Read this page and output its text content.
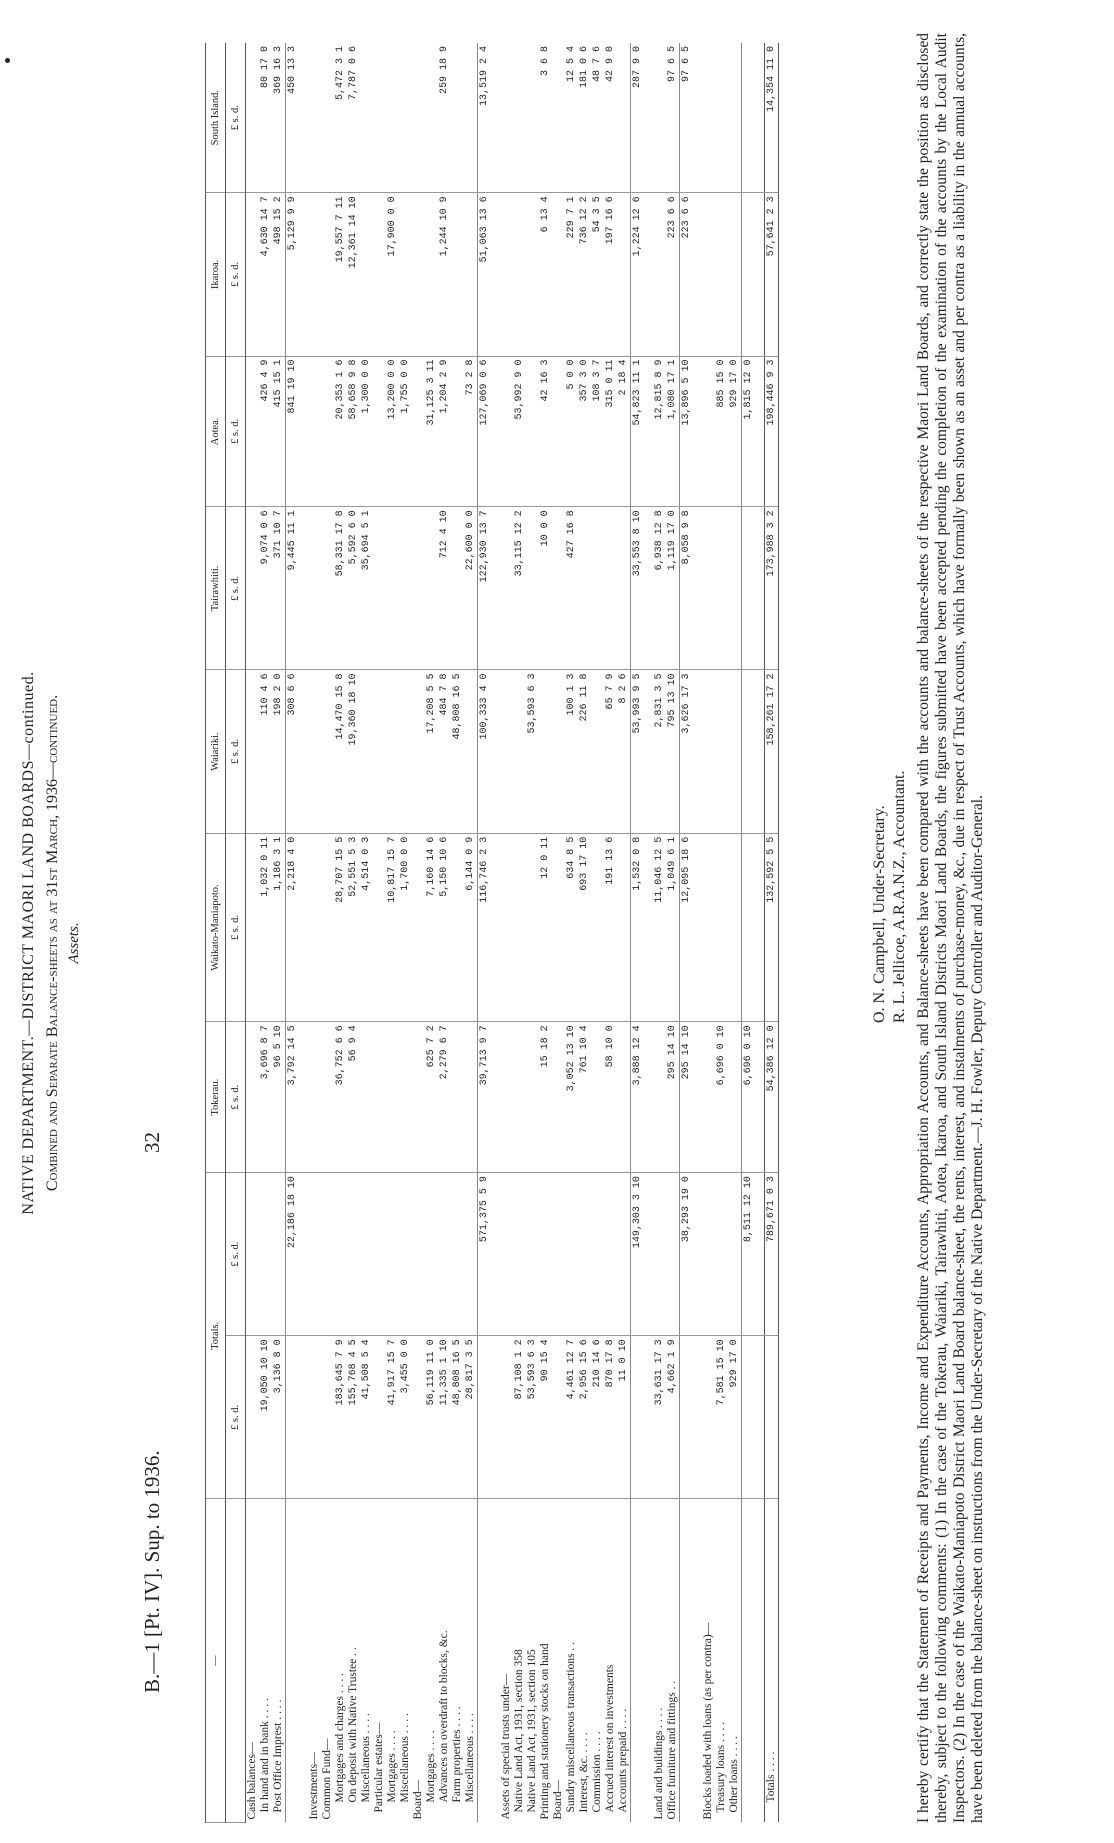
NATIVE DEPARTMENT.—DISTRICT MAORI LAND BOARDS—continued. Combined and Separate Balance-sheets as at 31st March, 1936—continued. Assets.
B.—1 [Pt. IV]. Sup. to 1936.
32
—	Totals.		Tokerau.	Waikato-Maniapoto.	Waiariki.	Tairawhiti.	Aotea.	Ikaroa.	South Island.
	£ s. d.	£ s. d.	£ s. d.	£ s. d.	£ s. d.	£ s. d.	£ s. d.	£ s. d.	£ s. d.
Cash balances—									
In hand and in bank . . . .	19,050 10 10		3,696 8 7	1,032 0 11	110 4 6	9,074 0 6	426 4 9	4,630 14 7	80 17 0
Post Office Imprest . . . .	3,136 8 0		96 5 10	1,186 3 1	198 2 0	371 10 7	415 15 1	498 15 2	369 16 3
		22,186 18 10	3,792 14 5	2,218 4 0	308 6 6	9,445 11 1	841 19 10	5,129 9 9	450 13 3

Investments—									
Common Fund—									
Mortgages and charges . . . .	183,645 7 9		36,752 6 6	28,707 15 5	14,470 15 8	58,331 17 8	20,353 1 6	19,557 7 11	5,472 3 1
On deposit with Native Trustee . .	155,768 4 5		56 9 4	52,551 5 3	19,360 18 10	5,592 6 0	58,658 9 8	12,361 14 10	7,787 0 6
Miscellaneous . . . .	41,508 5 4			4,514 0 3		35,694 5 1	1,300 0 0		
Particular estates—									
Mortgages . . . .	41,917 15 7			10,817 15 7			13,200 0 0	17,900 0 0	
Miscellaneous . . . .	3,455 0 0			1,700 0 0			1,755 0 0		
Board—									
Mortgages . . . .	56,119 11 0		625 7 2	7,160 14 6	17,208 5 5		31,125 3 11		
Advances on overdraft to blocks, &c.	11,335 1 10		2,279 6 7	5,150 10 6	484 7 8	712 4 10	1,204 2 9	1,244 10 9	259 18 9
Farm properties . . . .	48,808 16 5				48,808 16 5				
Miscellaneous . . . .	28,817 3 5			6,144 0 9		22,600 0 0	73 2 8		
		571,375 5 9	39,713 9 7	116,746 2 3	100,333 4 0	122,930 13 7	127,069 0 6	51,063 13 6	13,519 2 4

Assets of special trusts under—									
Native Land Act, 1931, section 358	87,108 1 2					33,115 12 2	53,992 9 0		
Native Land Act, 1931, section 105	53,593 6 3				53,593 6 3				
Printing and stationery stocks on hand	90 15 4		15 18 2	12 0 11		10 0 0	42 16 3	6 13 4	3 6 8
Board—									
Sundry miscellaneous transactions . .	4,461 12 7		3,052 13 10	634 8 5	100 1 3	427 16 8	5 0 0	229 7 1	12 5 4
Interest, &c. . . . .	2,956 15 6		761 10 4	693 17 10	226 11 8		357 3 0	736 12 2	181 0 6
Commission . . . .	210 14 6						108 3 7	54 3 5	48 7 6
Accrued interest on investments	870 17 8		58 10 0	191 13 6	65 7 9		315 0 11	197 16 6	42 9 0
Accounts prepaid . . . .	11 0 10				8 2 6		2 18 4		
		149,303 3 10	3,888 12 4	1,532 0 8	53,993 9 5	33,553 8 10	54,823 11 1	1,224 12 6	287 9 0

Land and buildings . . . .	33,631 17 3			11,046 12 5	2,831 3 5	6,938 12 8	12,815 8 9		
Office furniture and fittings . .	4,662 1 9		295 14 10	1,049 6 1	795 13 10	1,119 17 0	1,080 17 1	223 6 6	97 6 5
		38,293 19 0	295 14 10	12,095 18 6	3,626 17 3	8,058 9 8	13,896 5 10	223 6 6	97 6 5

Blocks loaded with loans (as per contra)—									
Treasury loans . . . .	7,581 15 10		6,696 0 10				885 15 0		
Other loans . . . .	929 17 0						929 17 0		
		8,511 12 10	6,696 0 10				1,815 12 0		

Totals . . . .		789,671 0 3	54,386 12 0	132,592 5 5	158,261 17 2	173,988 3 2	198,446 9 3	57,641 2 3	14,354 11 0
O. N. Campbell, Under-Secretary. R. L. Jellicoe, A.R.A.N.Z., Accountant. I hereby certify that the Statement of Receipts and Payments, Income and Expenditure Accounts, Appropriation Accounts, and Balance-sheets have been compared with the accounts and balance-sheets of the respective Maori Land Boards, and correctly state the position as disclosed thereby, subject to the following comments: (1) In the case of the Tokerau, Waiariki, Tairawhiti, Aotea, Ikaroa, and South Island Districts Maori Land Boards, the figures submitted have been accepted pending the completion of the examination of the accounts by the Local Audit Inspectors. (2) In the case of the Waikato-Maniapoto District Maori Land Board balance-sheet, the rents, interest, and instalments of purchase-money, &c., due in respect of Trust Accounts, which have formally been shown as an asset and per contra as a liability in the annual accounts, have been deleted from the balance-sheet on instructions from the Under-Secretary of the Native Department.—J. H. Fowler, Deputy Controller and Auditor-General.
